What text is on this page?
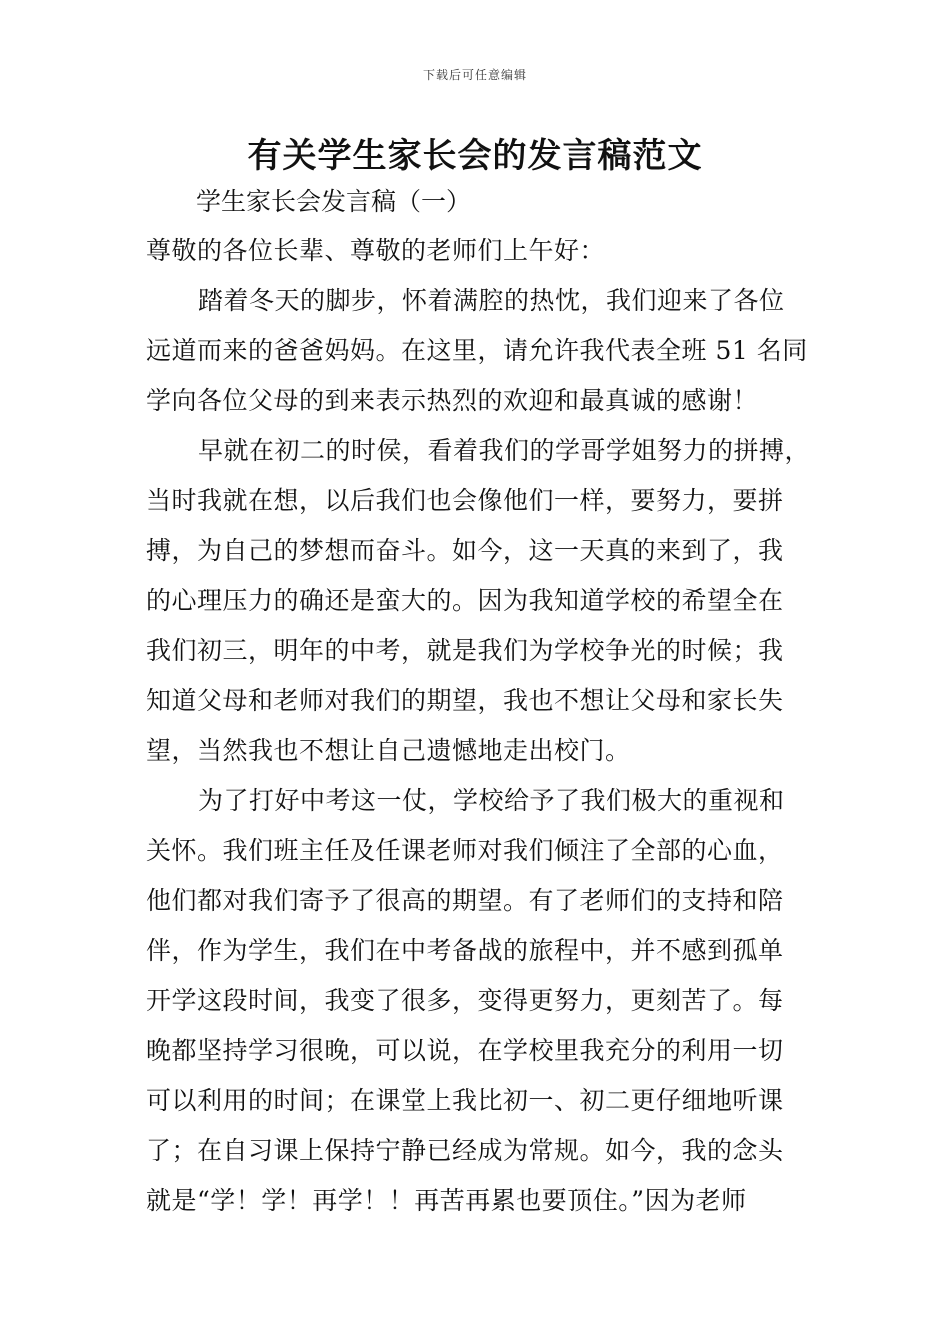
下载后可任意编辑
有关学生家长会的发言稿范文
学生家长会发言稿（一）
尊敬的各位长辈、尊敬的老师们上午好：
踏着冬天的脚步，怀着满腔的热忱，我们迎来了各位
远道而来的爸爸妈妈。在这里，请允许我代表全班 51 名同
学向各位父母的到来表示热烈的欢迎和最真诚的感谢！
早就在初二的时侯，看着我们的学哥学姐努力的拼搏，
当时我就在想，以后我们也会像他们一样，要努力，要拼
搏，为自己的梦想而奋斗。如今，这一天真的来到了，我
的心理压力的确还是蛮大的。因为我知道学校的希望全在
我们初三，明年的中考，就是我们为学校争光的时候；我
知道父母和老师对我们的期望，我也不想让父母和家长失
望，当然我也不想让自己遗憾地走出校门。
为了打好中考这一仗，学校给予了我们极大的重视和
关怀。我们班主任及任课老师对我们倾注了全部的心血，
他们都对我们寄予了很高的期望。有了老师们的支持和陪
伴，作为学生，我们在中考备战的旅程中，并不感到孤单
开学这段时间，我变了很多，变得更努力，更刻苦了。每
晚都坚持学习很晚，可以说，在学校里我充分的利用一切
可以利用的时间；在课堂上我比初一、初二更仔细地听课
了；在自习课上保持宁静已经成为常规。如今，我的念头
就是“学！学！再学！！再苦再累也要顶住。”因为老师
